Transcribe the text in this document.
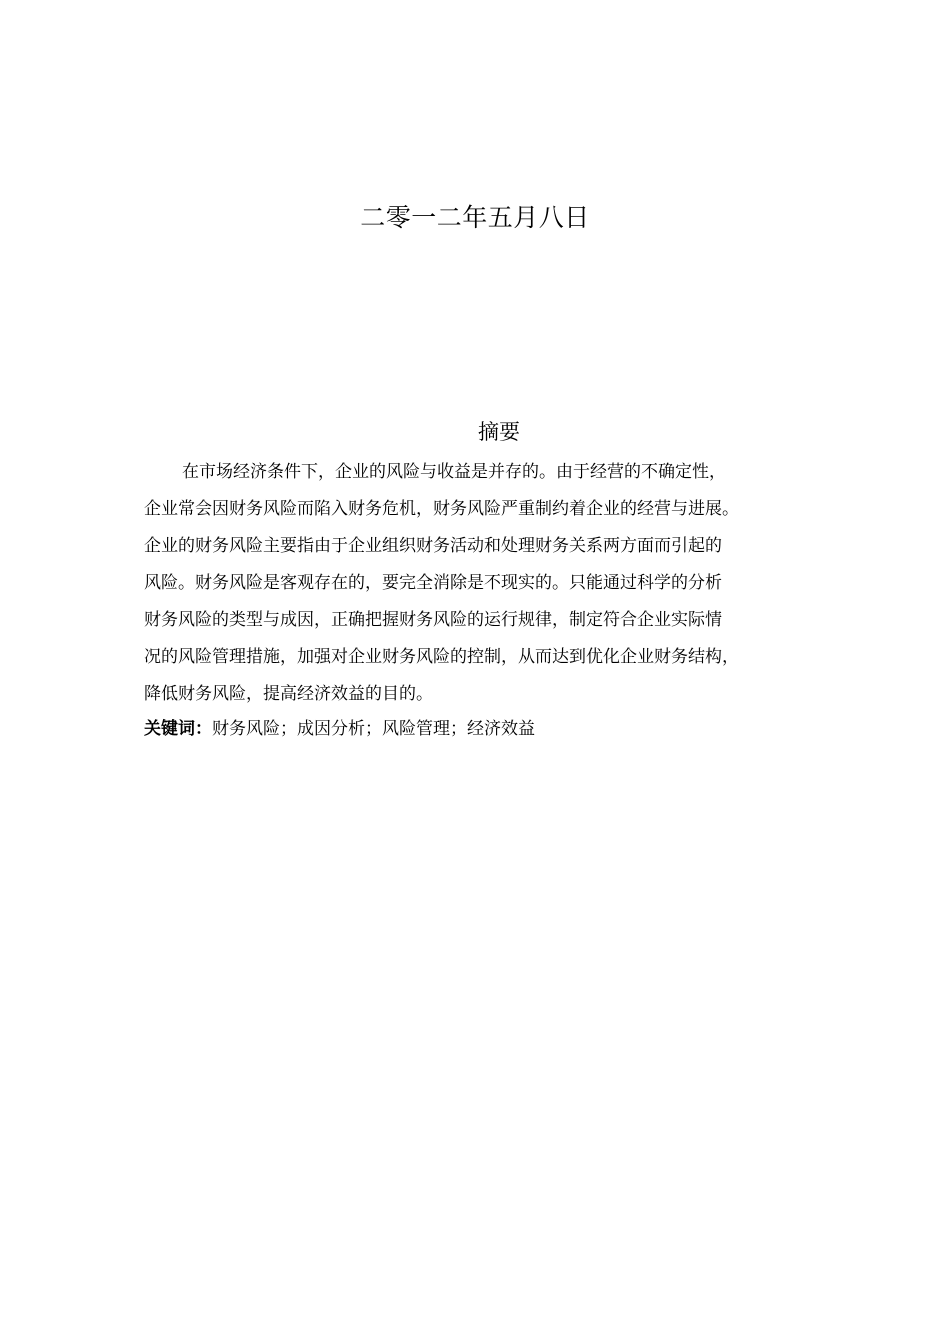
二零一二年五月八日
摘要
在市场经济条件下，企业的风险与收益是并存的。由于经营的不确定性，
企业常会因财务风险而陷入财务危机，财务风险严重制约着企业的经营与进展。
企业的财务风险主要指由于企业组织财务活动和处理财务关系两方面而引起的
风险。财务风险是客观存在的，要完全消除是不现实的。只能通过科学的分析
财务风险的类型与成因，正确把握财务风险的运行规律，制定符合企业实际情
况的风险管理措施，加强对企业财务风险的控制，从而达到优化企业财务结构，
降低财务风险，提高经济效益的目的。
关键词：财务风险；成因分析；风险管理；经济效益
